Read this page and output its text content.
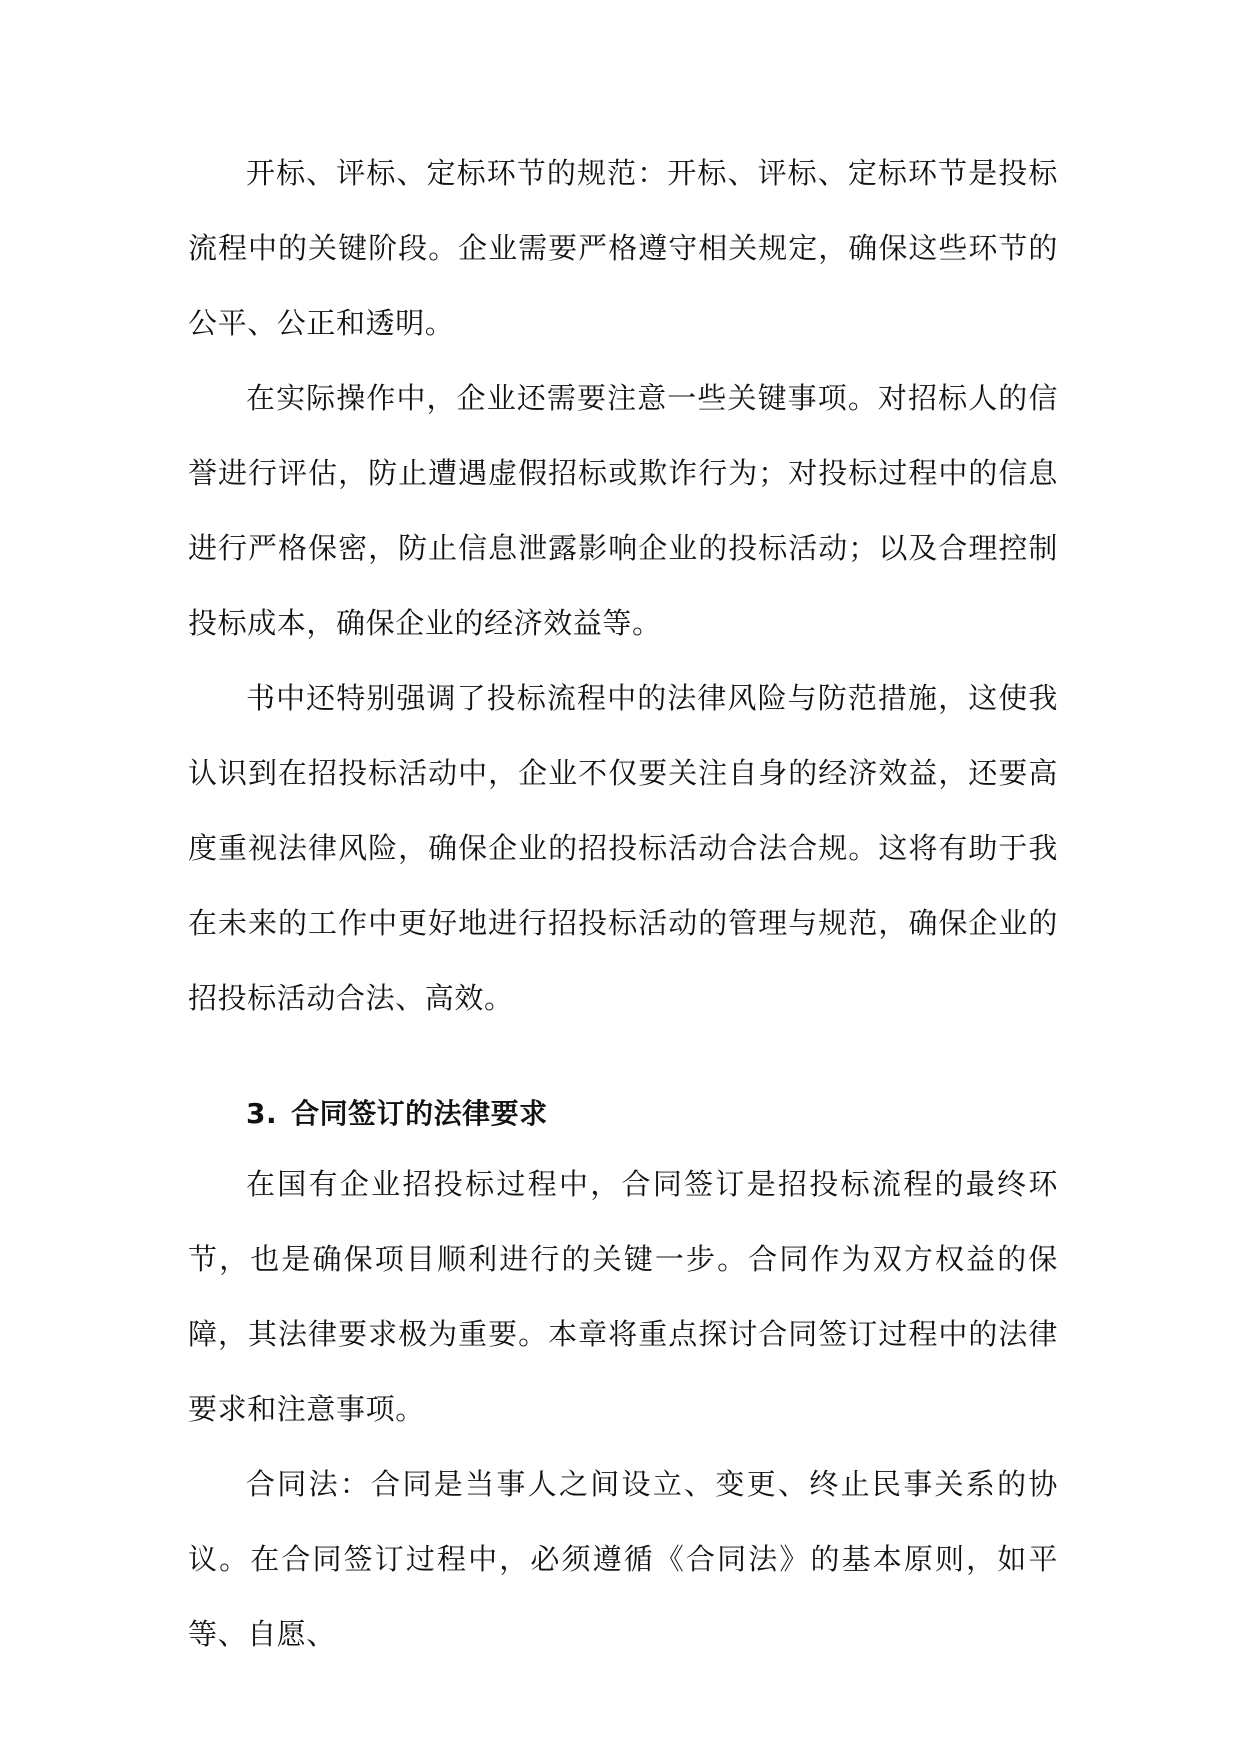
开标、评标、定标环节的规范：开标、评标、定标环节是投标流程中的关键阶段。企业需要严格遵守相关规定，确保这些环节的公平、公正和透明。

在实际操作中，企业还需要注意一些关键事项。对招标人的信誉进行评估，防止遭遇虚假招标或欺诈行为；对投标过程中的信息进行严格保密，防止信息泄露影响企业的投标活动；以及合理控制投标成本，确保企业的经济效益等。

书中还特别强调了投标流程中的法律风险与防范措施，这使我认识到在招投标活动中，企业不仅要关注自身的经济效益，还要高度重视法律风险，确保企业的招投标活动合法合规。这将有助于我在未来的工作中更好地进行招投标活动的管理与规范，确保企业的招投标活动合法、高效。

3. 合同签订的法律要求

在国有企业招投标过程中，合同签订是招投标流程的最终环节，也是确保项目顺利进行的关键一步。合同作为双方权益的保障，其法律要求极为重要。本章将重点探讨合同签订过程中的法律要求和注意事项。

合同法：合同是当事人之间设立、变更、终止民事关系的协议。在合同签订过程中，必须遵循《合同法》的基本原则，如平等、自愿、
